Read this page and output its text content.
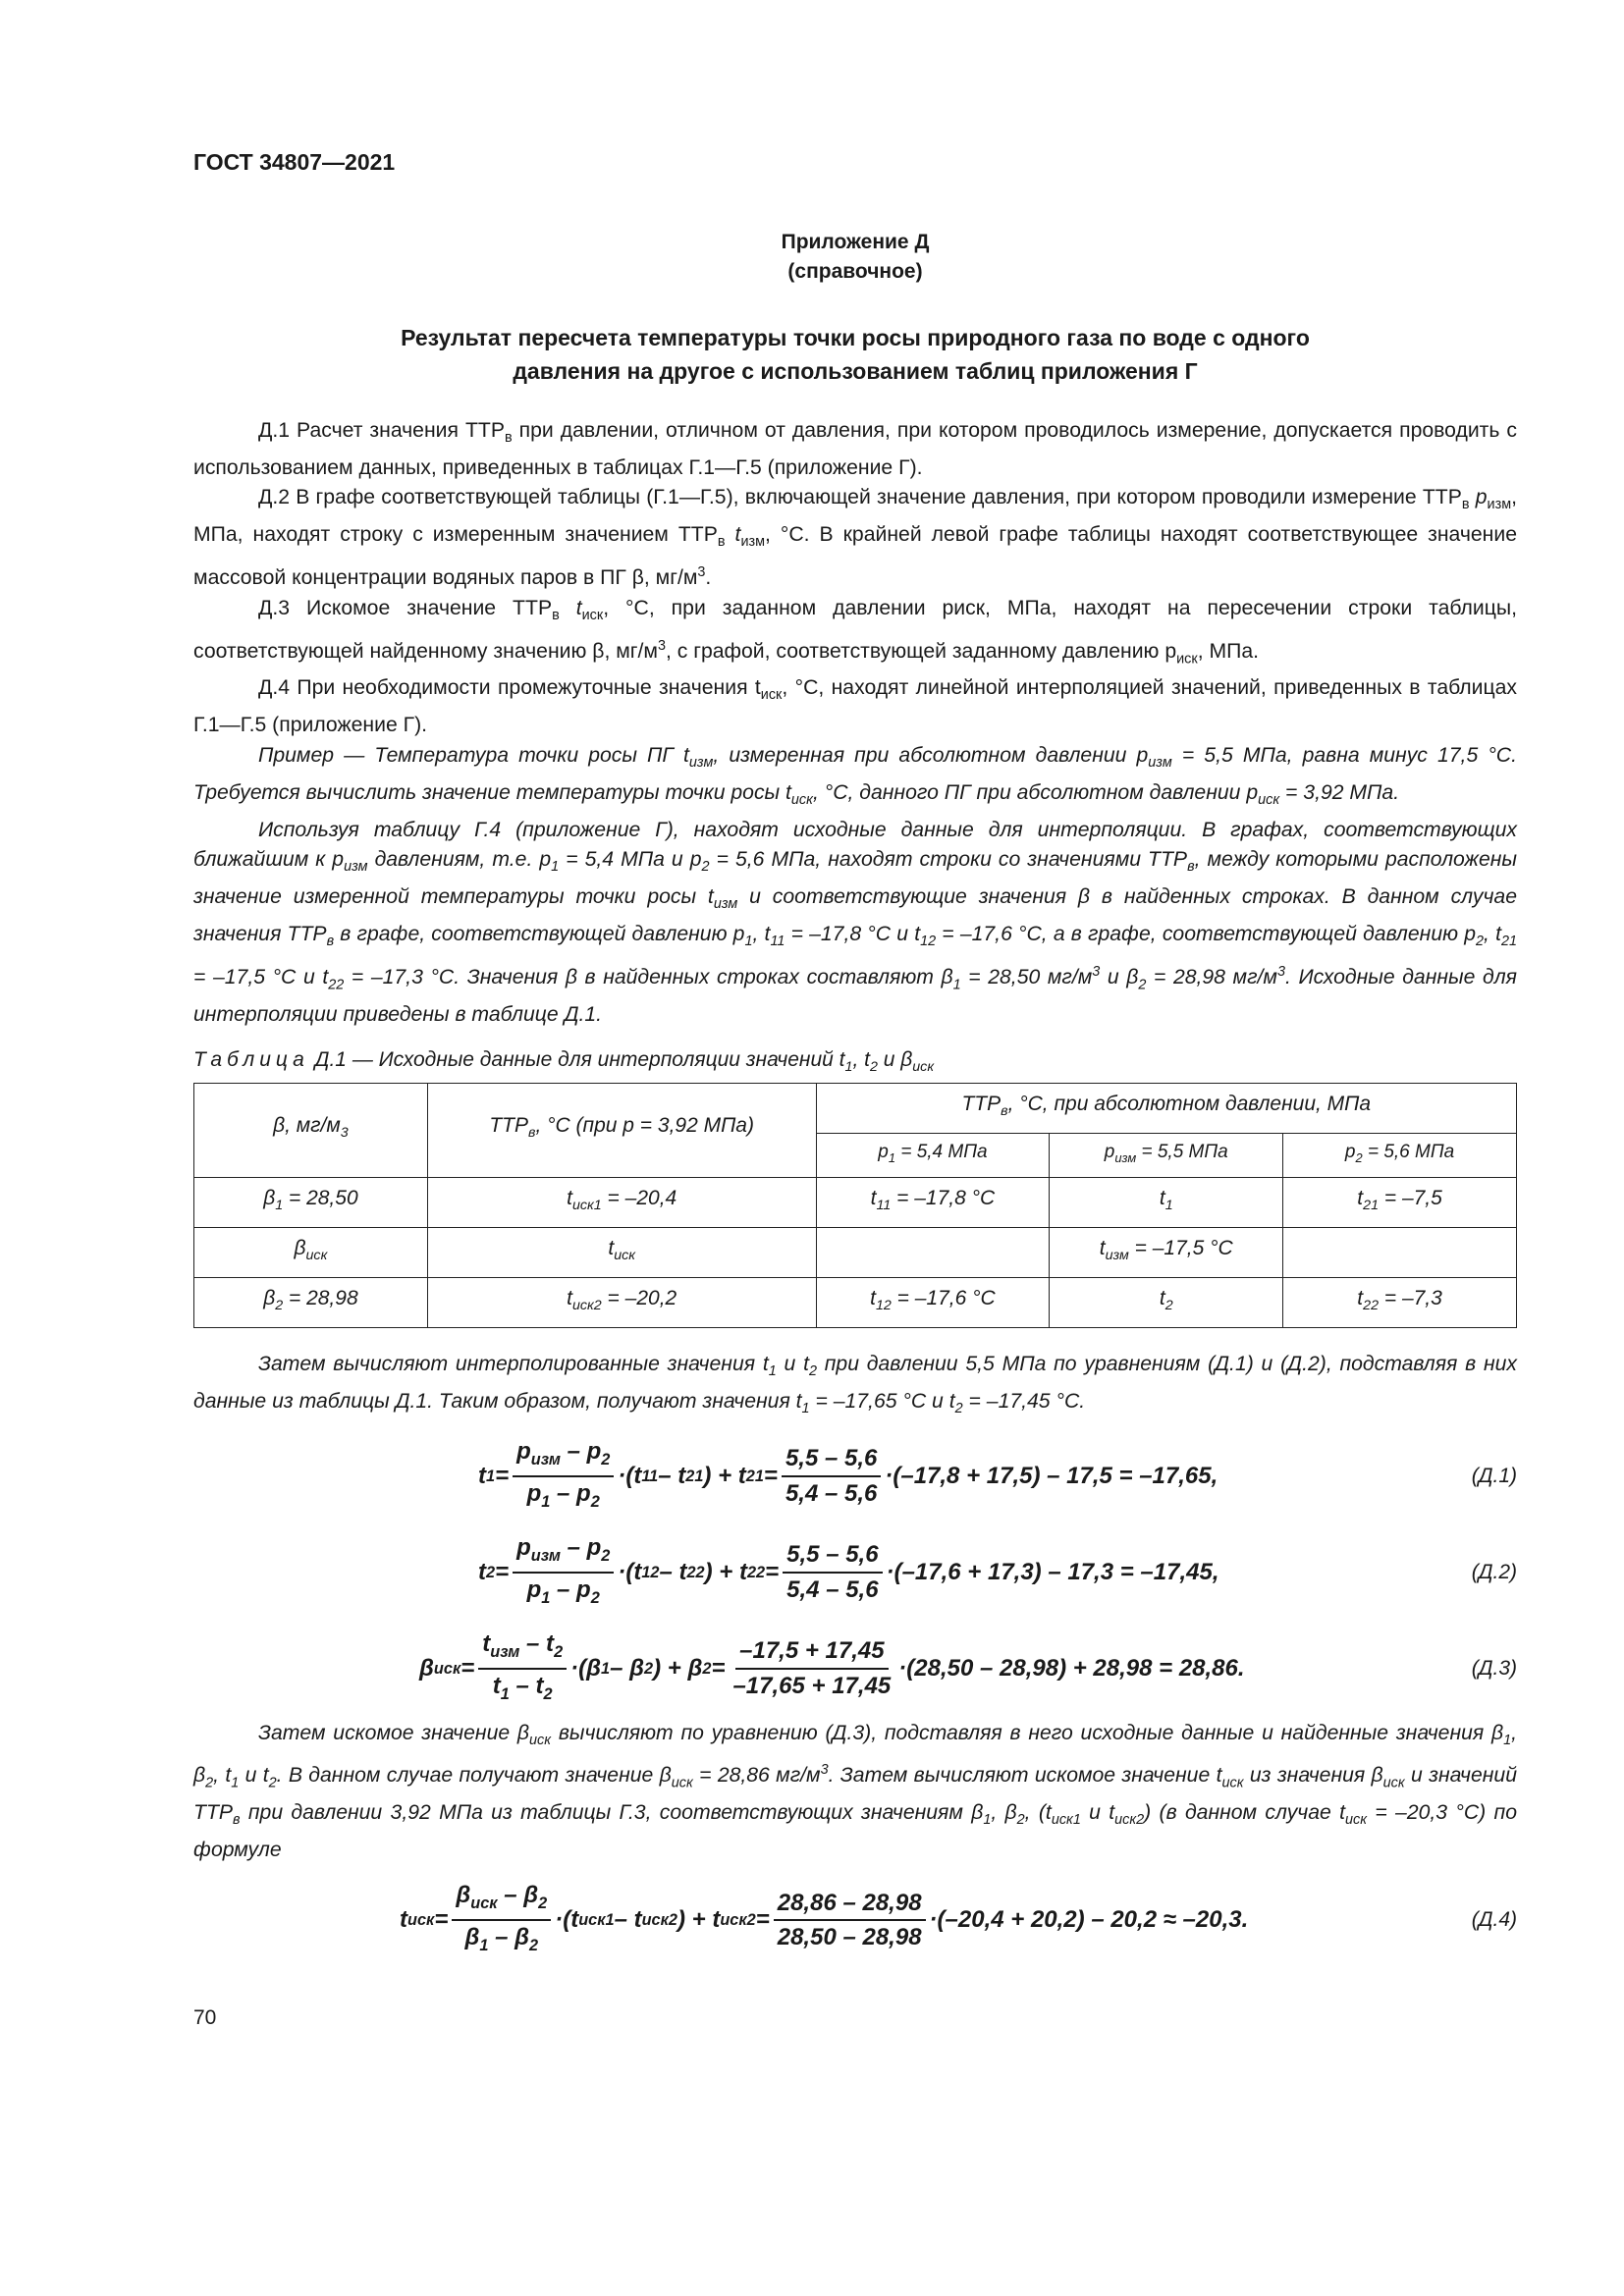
ГОСТ 34807—2021
Приложение Д
(справочное)
Результат пересчета температуры точки росы природного газа по воде с одного
давления на другое с использованием таблиц приложения Г

Д.1 Расчет значения $ТТР_в$ при давлении, отличном от давления, при котором проводилось измерение, допускается проводить с использованием данных, приведенных в таблицах Г.1—Г.5 (приложение Г).

Д.2 В графе соответствующей таблицы (Г.1—Г.5), включающей значение давления, при котором проводили измерение $ТТР_в$ $p_{изм}$, МПа, находят строку с измеренным значением $ТТР_в$ $t_{изм}$, °С. В крайней левой графе таблицы находят соответствующее значение массовой концентрации водяных паров в ПГ β, $мг/м^3$.

Д.3 Искомое значение $ТТР_в$ $t_{иск}$, °С, при заданном давлении pиск, МПа, находят на пересечении строки таблицы, соответствующей найденному значению β, $мг/м^3$, с графой, соответствующей заданному давлению $p_{иск}$, МПа.

Д.4 При необходимости промежуточные значения $t_{иск}$, °С, находят линейной интерполяцией значений, приведенных в таблицах Г.1—Г.5 (приложение Г).

Пример — Температура точки росы ПГ $t_{изм}$, измеренная при абсолютном давлении $p_{изм} = 5,5$ МПа, равна минус 17,5 °С. Требуется вычислить значение температуры точки росы $t_{иск}$, °С, данного ПГ при абсолютном давлении $p_{иск} = 3,92$ МПа.

Используя таблицу Г.4 (приложение Г), находят исходные данные для интерполяции. В графах, соответствующих ближайшим к $p_{изм}$ давлениям, т.е. $p_1 = 5,4$ МПа и $p_2 = 5,6$ МПа, находят строки со значениями $ТТР_в$, между которыми расположены значение измеренной температуры точки росы $t_{изм}$ и соответствующие значения β в найденных строках. В данном случае значения $ТТР_в$ в графе, соответствующей давлению $p_1$, $t_{11} = -17,8$ °С и $t_{12} = -17,6$ °С, а в графе, соответствующей давлению $p_2$, $t_{21} = -17,5$ °С и $t_{22} = -17,3$ °С. Значения β в найденных строках составляют $\beta_1 = 28,50$ $мг/м^3$ и $\beta_2 = 28,98$ $мг/м^3$. Исходные данные для интерполяции приведены в таблице Д.1.

Таблица Д.1 — Исходные данные для интерполяции значений $t_1$, $t_2$ и $\beta_{иск}$

β, $мг/м_3$	$ТТР_в$, °С (при p = 3,92 МПа)	$ТТР_в$, °С, при абсолютном давлении, МПа		
		$p_1 = 5,4$ МПа	$p_{изм} = 5,5$ МПа	$p_2 = 5,6$ МПа
$\beta_1 = 28,50$	$t_{иск1} = -20,4$	$t_{11} = -17,8$ °С	$t_1$	$t_{21} = -7,5$
$\beta_{иск}$	$t_{иск}$		$t_{изм} = -17,5$ °С	
$\beta_2 = 28,98$	$t_{иск2} = -20,2$	$t_{12} = -17,6$ °С	$t_2$	$t_{22} = -7,3$

Затем вычисляют интерполированные значения $t_1$ и $t_2$ при давлении 5,5 МПа по уравнениям (Д.1) и (Д.2), подставляя в них данные из таблицы Д.1. Таким образом, получают значения $t_1 = -17,65$ °С и $t_2 = -17,45$ °С.

t 1 =
$p_{изм} - p_2$
$p_1 - p_2$
·(t 11 – t 21 ) + t $21 = \frac{5,5 - 5,6}{5,4 - 5,6} \cdot(-17,8 + 17,5) - 17,5 = -17,65$,	(Д.1)
t 2 =
$p_{изм} - p_2$
$p_1 - p_2$
·(t 12 – t 22 ) + t $22 = \frac{5,5 - 5,6}{5,4 - 5,6} \cdot(-17,6 + 17,3) - 17,3 = -17,45$,	(Д.2)
β иск =
$t_{изм} - t_2$
$t_1 - t_2$
·(β 1 – β 2 ) + β $2 = \frac{-17,5 + 17,45}{-17,65 + 17,45} \cdot(28,50 - 28,98) + 28,98 = 28,86$.	(Д.3)

Затем искомое значение $\beta_{иск}$ вычисляют по уравнению (Д.3), подставляя в него исходные данные и найденные значения $\beta_1$, $\beta_2$, $t_1$ и $t_2$. В данном случае получают значение $\beta_{иск} = 28,86$ $мг/м^3$. Затем вычисляют искомое значение $t_{иск}$ из значения $\beta_{иск}$ и значений $ТТР_в$ при давлении 3,92 МПа из таблицы Г.3, соответствующих значениям $\beta_1$, $\beta_2$, ($t_{иск1}$ и $t_{иск2}$) (в данном случае $t_{иск} = -20,3$ °С) по формуле

t иск =
$\beta_{иск} - \beta_2$
$\beta_1 - \beta_2$
·(t иск1 – t иск2 ) + t $иск2 = \frac{28,86 - 28,98}{28,50 - 28,98} \cdot(-20,4 + 20,2) - 20,2 \approx -20,3$.	(Д.4)
70
